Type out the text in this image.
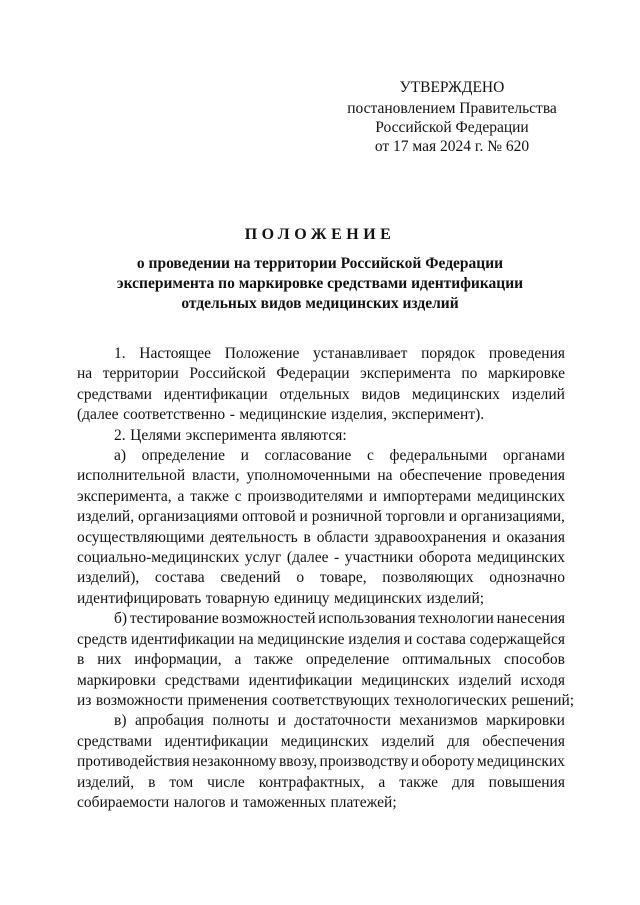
УТВЕРЖДЕНО
постановлением Правительства
Российской Федерации
от 17 мая 2024 г. № 620
ПОЛОЖЕНИЕ
о проведении на территории Российской Федерации
эксперимента по маркировке средствами идентификации
отдельных видов медицинских изделий
1. Настоящее Положение устанавливает порядок проведения
на территории Российской Федерации эксперимента по маркировке
средствами идентификации отдельных видов медицинских изделий
(далее соответственно - медицинские изделия, эксперимент).
2. Целями эксперимента являются:
а) определение и согласование с федеральными органами
исполнительной власти, уполномоченными на обеспечение проведения
эксперимента, а также с производителями и импортерами медицинских
изделий, организациями оптовой и розничной торговли и организациями,
осуществляющими деятельность в области здравоохранения и оказания
социально-медицинских услуг (далее - участники оборота медицинских
изделий), состава сведений о товаре, позволяющих однозначно
идентифицировать товарную единицу медицинских изделий;
б) тестирование возможностей использования технологии нанесения
средств идентификации на медицинские изделия и состава содержащейся
в них информации, а также определение оптимальных способов
маркировки средствами идентификации медицинских изделий исходя
из возможности применения соответствующих технологических решений;
в) апробация полноты и достаточности механизмов маркировки
средствами идентификации медицинских изделий для обеспечения
противодействия незаконному ввозу, производству и обороту медицинских
изделий, в том числе контрафактных, а также для повышения
собираемости налогов и таможенных платежей;
